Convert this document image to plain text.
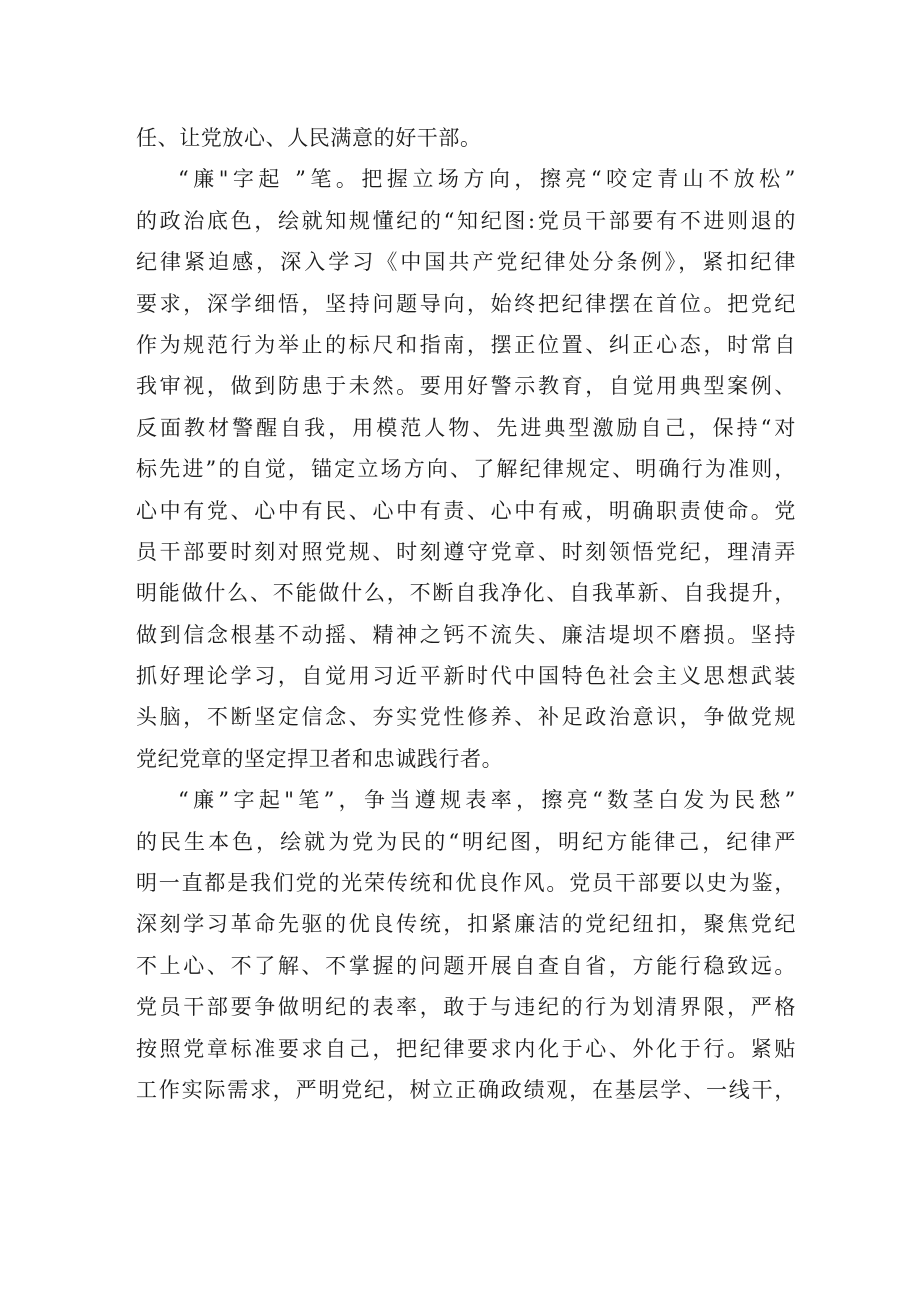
任、让党放心、人民满意的好干部。
“廉"字起 ”笔。把握立场方向，擦亮“咬定青山不放松”
的政治底色，绘就知规懂纪的“知纪图:党员干部要有不进则退的
纪律紧迫感，深入学习《中国共产党纪律处分条例》，紧扣纪律
要求，深学细悟，坚持问题导向，始终把纪律摆在首位。把党纪
作为规范行为举止的标尺和指南，摆正位置、纠正心态，时常自
我审视，做到防患于未然。要用好警示教育，自觉用典型案例、
反面教材警醒自我，用模范人物、先进典型激励自己，保持“对
标先进”的自觉，锚定立场方向、了解纪律规定、明确行为准则，
心中有党、心中有民、心中有责、心中有戒，明确职责使命。党
员干部要时刻对照党规、时刻遵守党章、时刻领悟党纪，理清弄
明能做什么、不能做什么，不断自我净化、自我革新、自我提升，
做到信念根基不动摇、精神之钙不流失、廉洁堤坝不磨损。坚持
抓好理论学习，自觉用习近平新时代中国特色社会主义思想武装
头脑，不断坚定信念、夯实党性修养、补足政治意识，争做党规
党纪党章的坚定捍卫者和忠诚践行者。
“廉”字起"笔”，争当遵规表率，擦亮“数茎白发为民愁”
的民生本色，绘就为党为民的“明纪图，明纪方能律己，纪律严
明一直都是我们党的光荣传统和优良作风。党员干部要以史为鉴，
深刻学习革命先驱的优良传统，扣紧廉洁的党纪纽扣，聚焦党纪
不上心、不了解、不掌握的问题开展自查自省，方能行稳致远。
党员干部要争做明纪的表率，敢于与违纪的行为划清界限，严格
按照党章标准要求自己，把纪律要求内化于心、外化于行。紧贴
工作实际需求，严明党纪，树立正确政绩观，在基层学、一线干，
